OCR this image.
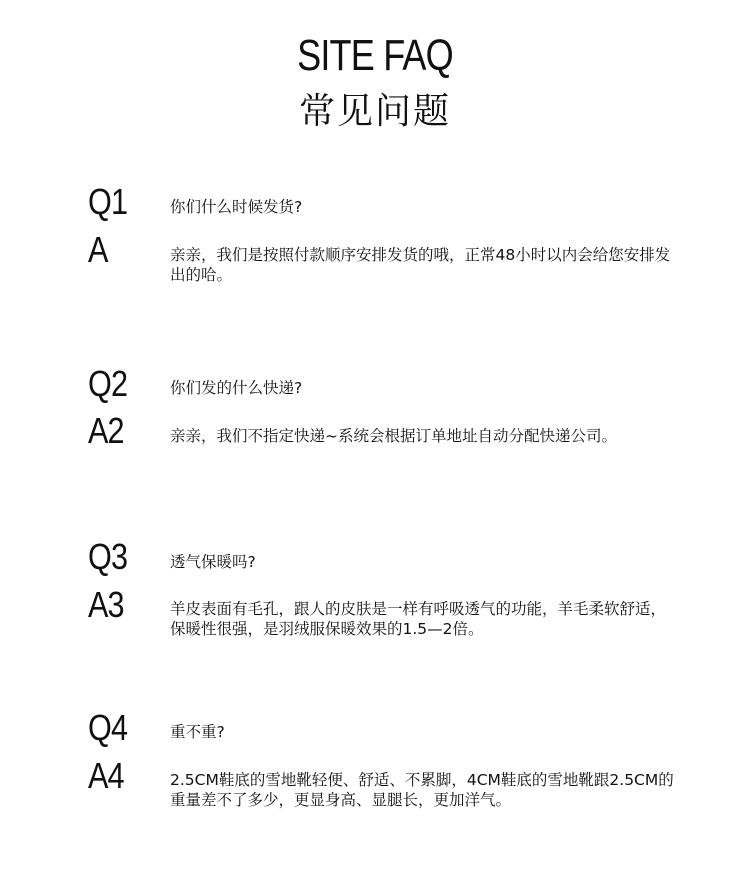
SITE FAQ
常见问题
Q1	你们什么时候发货?
A	亲亲，我们是按照付款顺序安排发货的哦，正常48小时以内会给您安排发出的哈。
Q2	你们发的什么快递?
A2	亲亲，我们不指定快递~系统会根据订单地址自动分配快递公司。
Q3	透气保暖吗?
A3	羊皮表面有毛孔，跟人的皮肤是一样有呼吸透气的功能，羊毛柔软舒适，保暖性很强，是羽绒服保暖效果的1.5—2倍。
Q4	重不重?
A4	2.5CM鞋底的雪地靴轻便、舒适、不累脚，4CM鞋底的雪地靴跟2.5CM的重量差不了多少，更显身高、显腿长，更加洋气。
